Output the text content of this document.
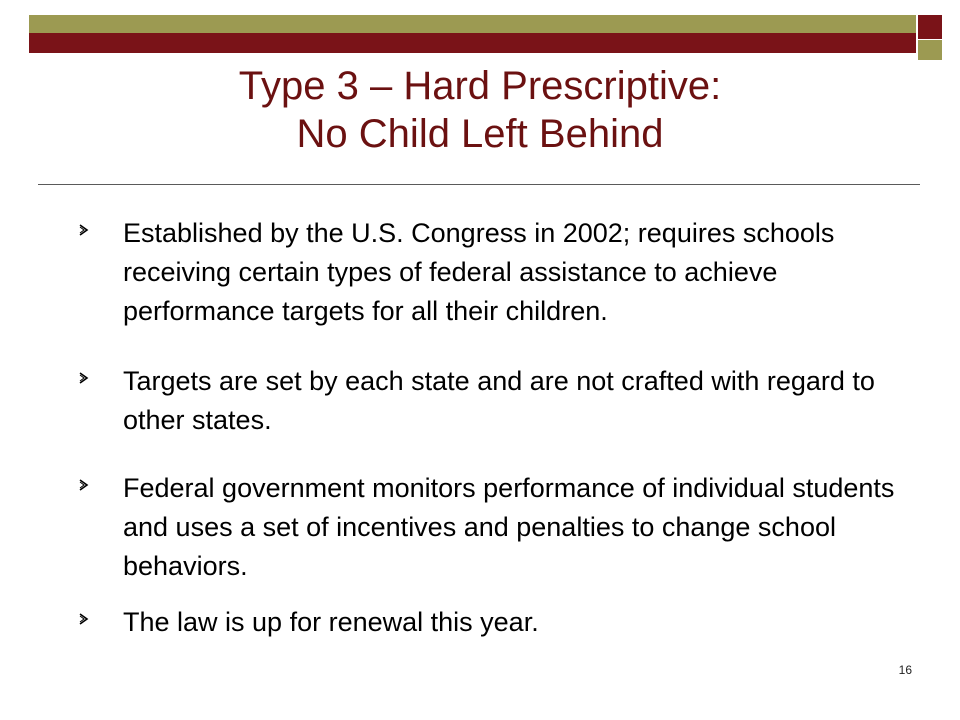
Type 3 – Hard Prescriptive:
No Child Left Behind
Established by the U.S. Congress in 2002; requires schools receiving certain types of federal assistance to achieve performance targets for all their children.
Targets are set by each state and are not crafted with regard to other states.
Federal government monitors performance of individual students and uses a set of incentives and penalties to change school behaviors.
The law is up for renewal this year.
16
